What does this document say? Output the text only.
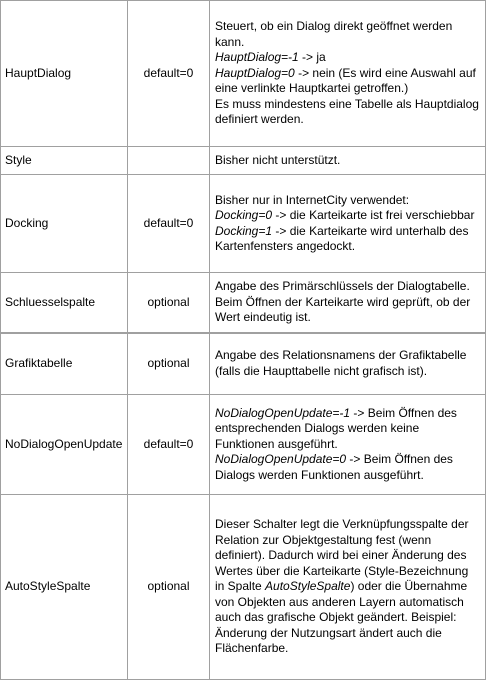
HauptDialog	default=0	Steuert, ob ein Dialog direkt geöffnet werden kann.
HauptDialog=-1 -> ja
HauptDialog=0 -> nein (Es wird eine Auswahl auf eine verlinkte Hauptkartei getroffen.)
Es muss mindestens eine Tabelle als Hauptdialog definiert werden.

Style		Bisher nicht unterstützt.

Docking	default=0	Bisher nur in InternetCity verwendet:
Docking=0 -> die Karteikarte ist frei verschiebbar
Docking=1 -> die Karteikarte wird unterhalb des Kartenfensters angedockt.

Schluesselspalte	optional	Angabe des Primärschlüssels der Dialogtabelle. Beim Öffnen der Karteikarte wird geprüft, ob der Wert eindeutig ist.

Grafiktabelle	optional	Angabe des Relationsnamens der Grafiktabelle (falls die Haupttabelle nicht grafisch ist).

NoDialogOpenUpdate	default=0	NoDialogOpenUpdate=-1 -> Beim Öffnen des entsprechenden Dialogs werden keine Funktionen ausgeführt.
NoDialogOpenUpdate=0 -> Beim Öffnen des Dialogs werden Funktionen ausgeführt.

AutoStyleSpalte	optional	Dieser Schalter legt die Verknüpfungsspalte der Relation zur Objektgestaltung fest (wenn definiert). Dadurch wird bei einer Änderung des Wertes über die Karteikarte (Style-Bezeichnung in Spalte AutoStyleSpalte) oder die Übernahme von Objekten aus anderen Layern automatisch auch das grafische Objekt geändert. Beispiel: Änderung der Nutzungsart ändert auch die Flächenfarbe.
